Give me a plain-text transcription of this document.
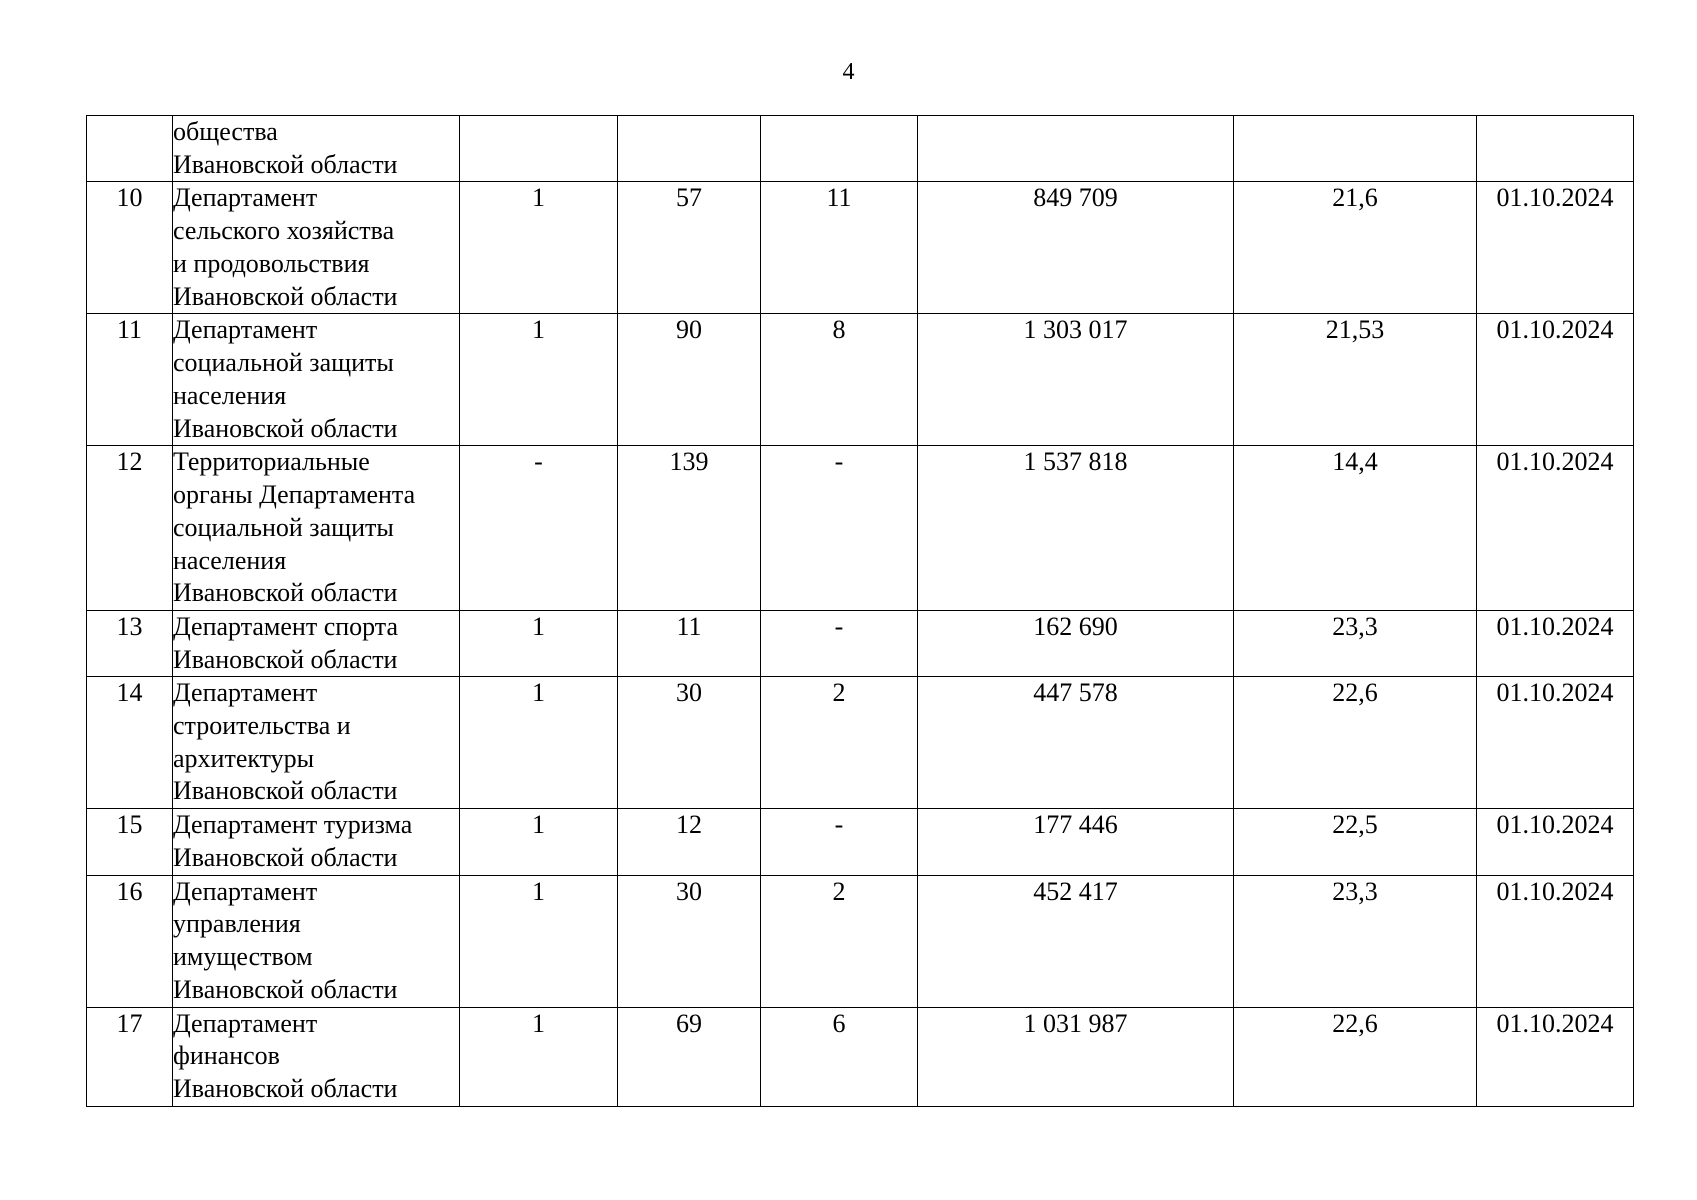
4

	общества
Ивановской области						

10	Департамент
сельского хозяйства
и продовольствия
Ивановской области	1	57	11	849 709	21,6	01.10.2024
11	Департамент
социальной защиты
населения
Ивановской области	1	90	8	1 303 017	21,53	01.10.2024
12	Территориальные
органы Департамента
социальной защиты
населения
Ивановской области	-	139	-	1 537 818	14,4	01.10.2024
13	Департамент спорта
Ивановской области	1	11	-	162 690	23,3	01.10.2024
14	Департамент
строительства и
архитектуры
Ивановской области	1	30	2	447 578	22,6	01.10.2024
15	Департамент туризма
Ивановской области	1	12	-	177 446	22,5	01.10.2024
16	Департамент
управления
имуществом
Ивановской области	1	30	2	452 417	23,3	01.10.2024
17	Департамент
финансов
Ивановской области	1	69	6	1 031 987	22,6	01.10.2024
